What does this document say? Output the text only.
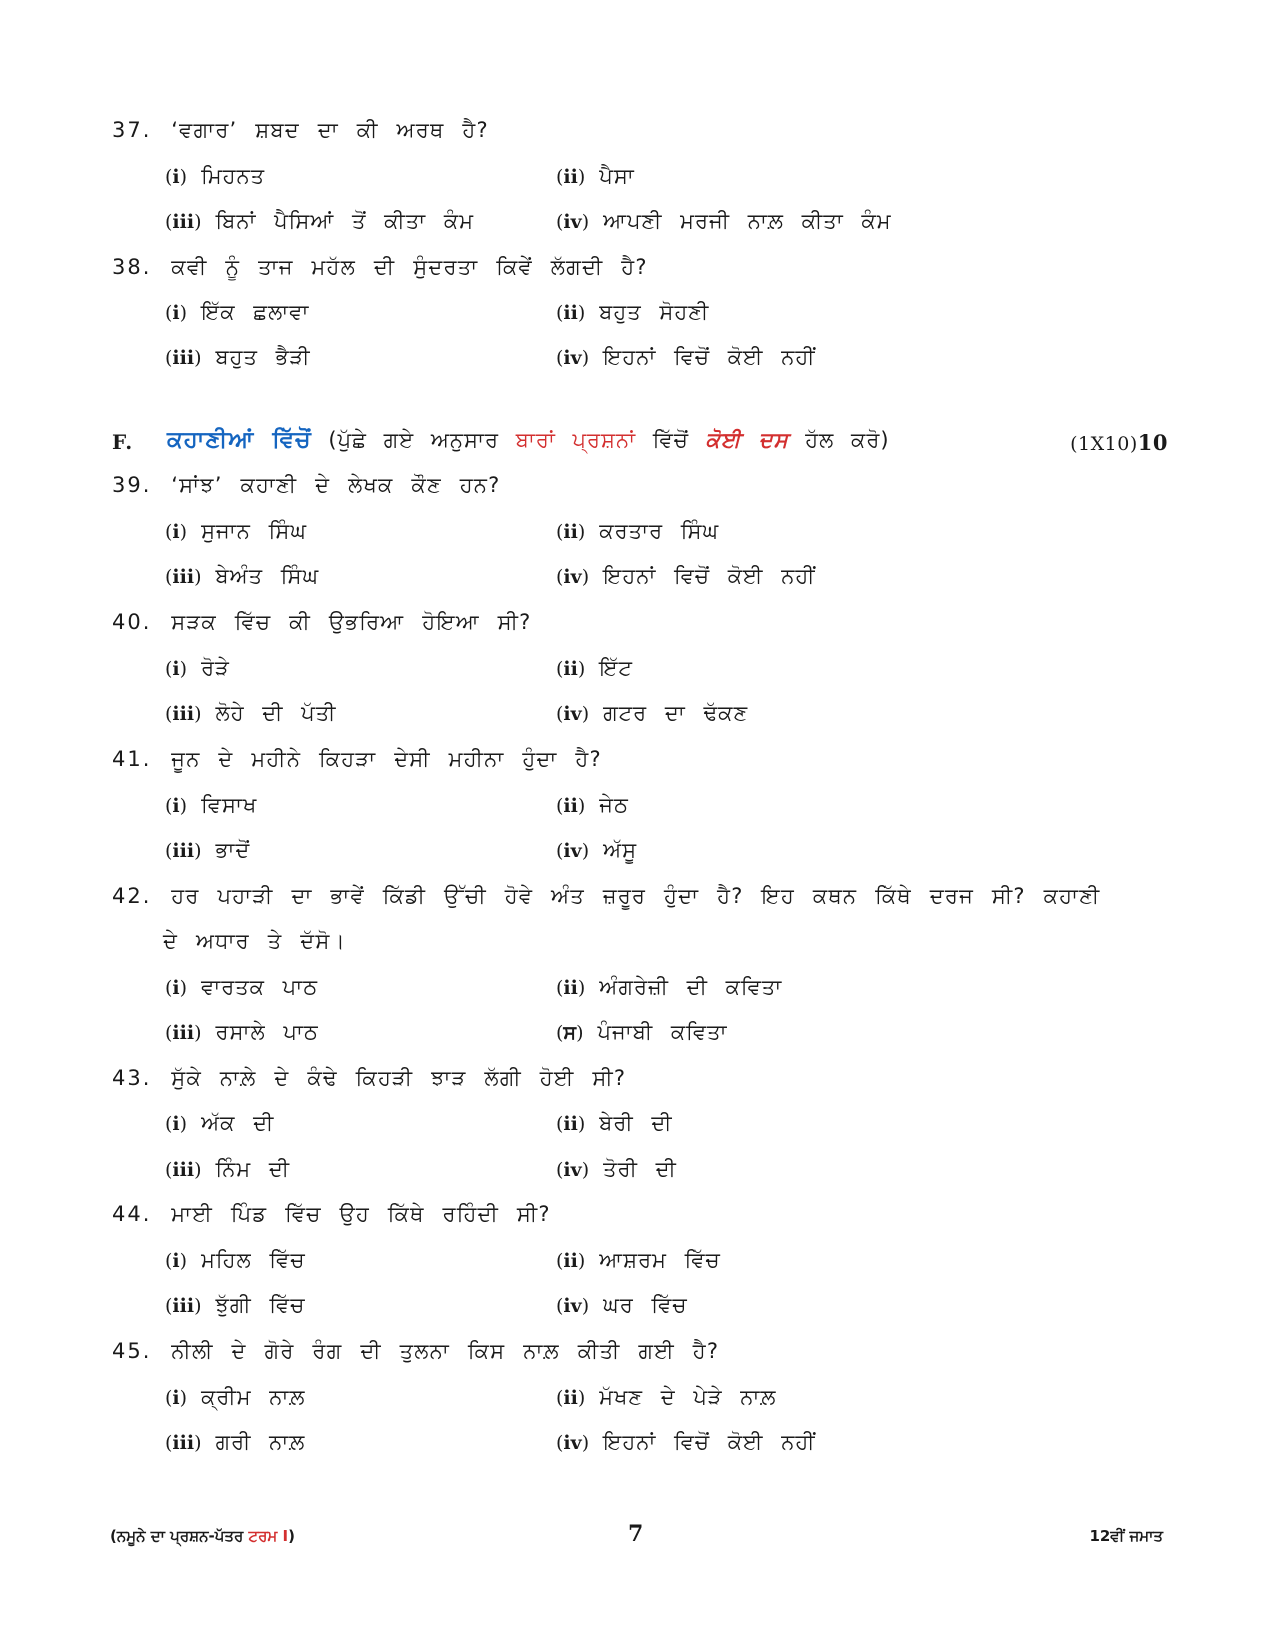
37. ‘ਵਗਾਰ’ ਸ਼ਬਦ ਦਾ ਕੀ ਅਰਥ ਹੈ?
(i) ਮਿਹਨਤ	(ii) ਪੈਸਾ
(iii) ਬਿਨਾਂ ਪੈਸਿਆਂ ਤੋਂ ਕੀਤਾ ਕੰਮ	(iv) ਆਪਣੀ ਮਰਜੀ ਨਾਲ਼ ਕੀਤਾ ਕੰਮ
38. ਕਵੀ ਨੂੰ ਤਾਜ ਮਹੱਲ ਦੀ ਸੁੰਦਰਤਾ ਕਿਵੇਂ ਲੱਗਦੀ ਹੈ?
(i) ਇੱਕ ਛਲਾਵਾ	(ii) ਬਹੁਤ ਸੋਹਣੀ
(iii) ਬਹੁਤ ਭੈੜੀ	(iv) ਇਹਨਾਂ ਵਿਚੋਂ ਕੋਈ ਨਹੀਂ
F. ਕਹਾਣੀਆਂ ਵਿੱਚੋਂ (ਪੁੱਛੇ ਗਏ ਅਨੁਸਾਰ ਬਾਰਾਂ ਪ੍ਰਸ਼ਨਾਂ ਵਿੱਚੋਂ ਕੋਈ ਦਸ ਹੱਲ ਕਰੋ)	(1X10)10
39. ‘ਸਾਂਝ’ ਕਹਾਣੀ ਦੇ ਲੇਖਕ ਕੌਣ ਹਨ?
(i) ਸੁਜਾਨ ਸਿੰਘ	(ii) ਕਰਤਾਰ ਸਿੰਘ
(iii) ਬੇਅੰਤ ਸਿੰਘ	(iv) ਇਹਨਾਂ ਵਿਚੋਂ ਕੋਈ ਨਹੀਂ
40. ਸੜਕ ਵਿੱਚ ਕੀ ਉਭਰਿਆ ਹੋਇਆ ਸੀ?
(i) ਰੋੜੇ	(ii) ਇੱਟ
(iii) ਲੋਹੇ ਦੀ ਪੱਤੀ	(iv) ਗਟਰ ਦਾ ਢੱਕਣ
41. ਜੂਨ ਦੇ ਮਹੀਨੇ ਕਿਹੜਾ ਦੇਸੀ ਮਹੀਨਾ ਹੁੰਦਾ ਹੈ?
(i) ਵਿਸਾਖ	(ii) ਜੇਠ
(iii) ਭਾਦੋਂ	(iv) ਅੱਸੂ
42. ਹਰ ਪਹਾੜੀ ਦਾ ਭਾਵੇਂ ਕਿੱਡੀ ਉੱਚੀ ਹੋਵੇ ਅੰਤ ਜ਼ਰੂਰ ਹੁੰਦਾ ਹੈ? ਇਹ ਕਥਨ ਕਿੱਥੇ ਦਰਜ ਸੀ? ਕਹਾਣੀ
ਦੇ ਅਧਾਰ ਤੇ ਦੱਸੋ।
(i) ਵਾਰਤਕ ਪਾਠ	(ii) ਅੰਗਰੇਜ਼ੀ ਦੀ ਕਵਿਤਾ
(iii) ਰਸਾਲੇ ਪਾਠ	(ਸ) ਪੰਜਾਬੀ ਕਵਿਤਾ
43. ਸੁੱਕੇ ਨਾਲ਼ੇ ਦੇ ਕੰਢੇ ਕਿਹੜੀ ਝਾੜ ਲੱਗੀ ਹੋਈ ਸੀ?
(i) ਅੱਕ ਦੀ	(ii) ਬੇਰੀ ਦੀ
(iii) ਨਿੰਮ ਦੀ	(iv) ਤੋਰੀ ਦੀ
44. ਮਾਈ ਪਿੰਡ ਵਿੱਚ ਉਹ ਕਿੱਥੇ ਰਹਿੰਦੀ ਸੀ?
(i) ਮਹਿਲ ਵਿੱਚ	(ii) ਆਸ਼ਰਮ ਵਿੱਚ
(iii) ਝੁੱਗੀ ਵਿੱਚ	(iv) ਘਰ ਵਿੱਚ
45. ਨੀਲੀ ਦੇ ਗੋਰੇ ਰੰਗ ਦੀ ਤੁਲਨਾ ਕਿਸ ਨਾਲ਼ ਕੀਤੀ ਗਈ ਹੈ?
(i) ਕ੍ਰੀਮ ਨਾਲ਼	(ii) ਮੱਖਣ ਦੇ ਪੇੜੇ ਨਾਲ਼
(iii) ਗਰੀ ਨਾਲ਼	(iv) ਇਹਨਾਂ ਵਿਚੋਂ ਕੋਈ ਨਹੀਂ
(ਨਮੂਨੇ ਦਾ ਪ੍ਰਸ਼ਨ-ਪੱਤਰ ਟਰਮ I)	7	12ਵੀਂ ਜਮਾਤ
